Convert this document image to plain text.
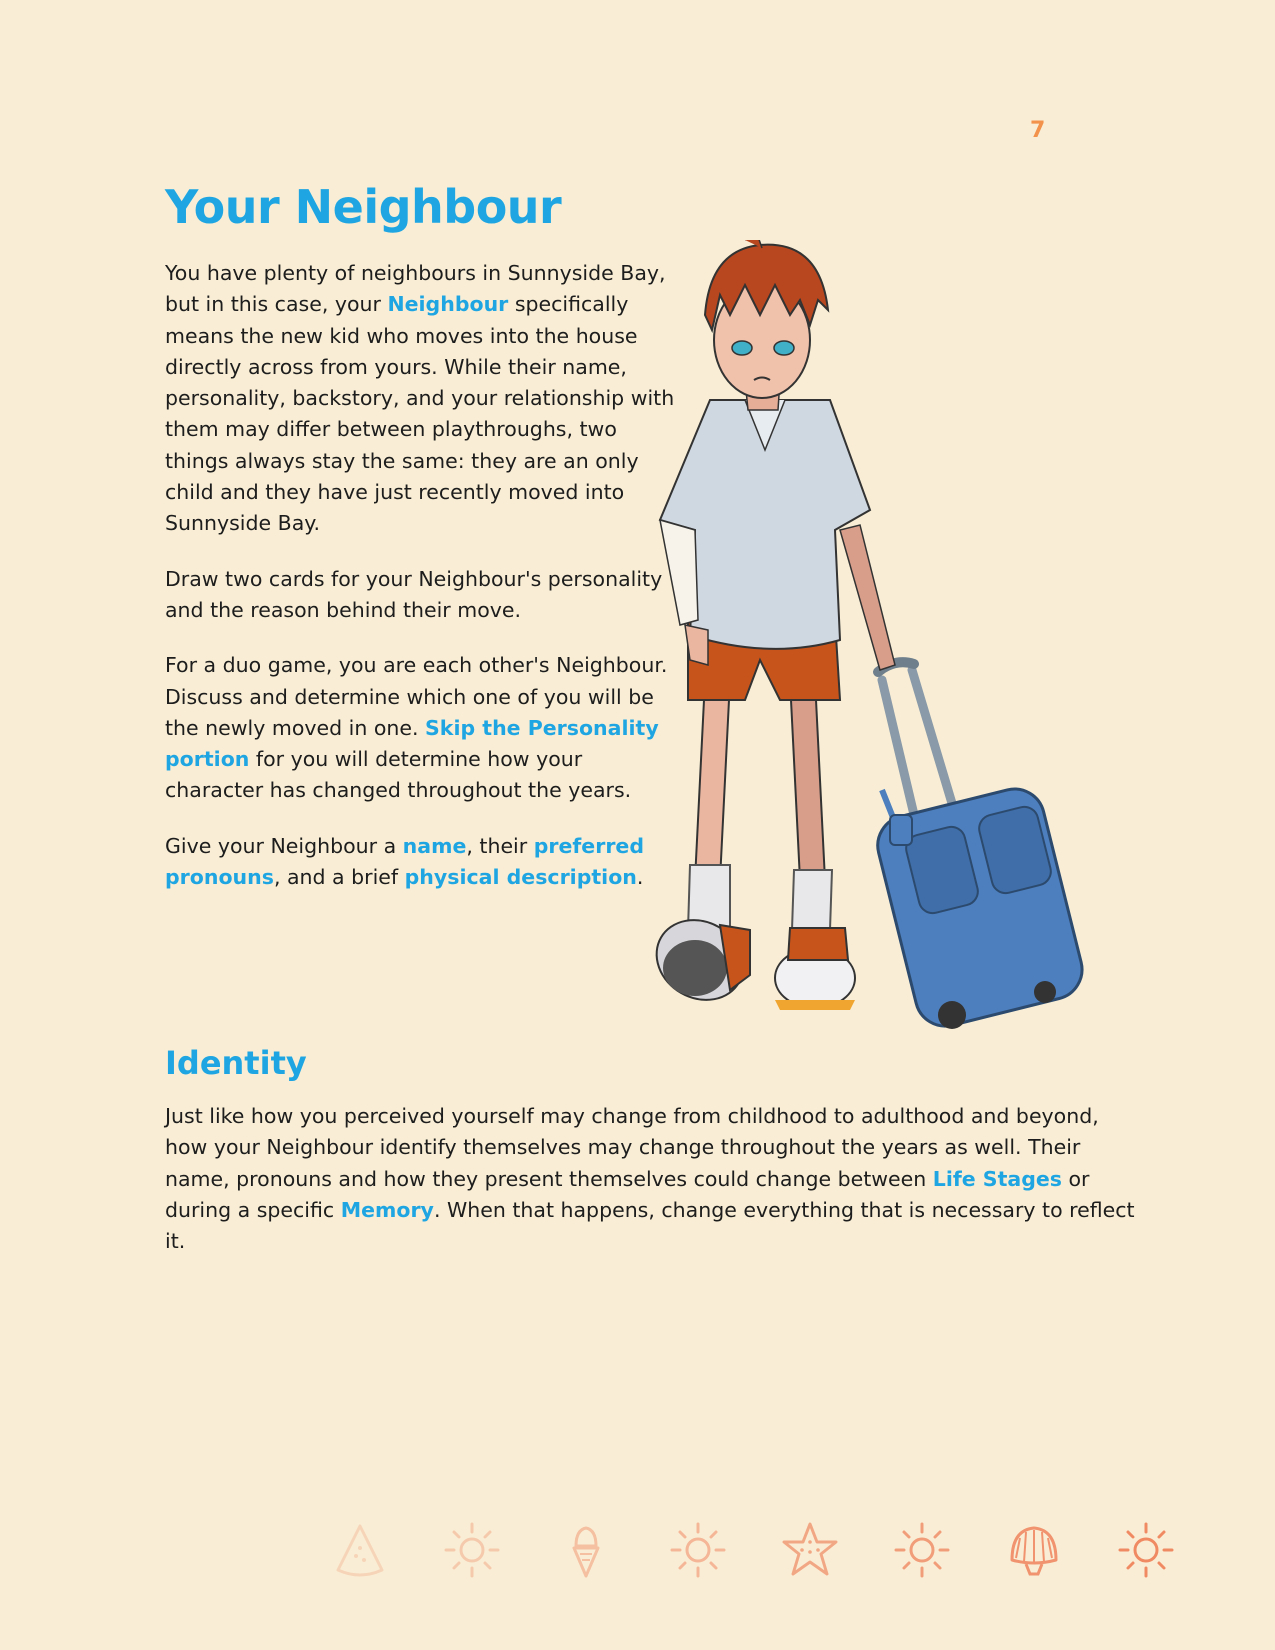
7
Your Neighbour

You have plenty of neighbours in Sunnyside Bay, but in this case, your Neighbour specifically means the new kid who moves into the house directly across from yours. While their name, personality, backstory, and your relationship with them may differ between playthroughs, two things always stay the same: they are an only child and they have just recently moved into Sunnyside Bay.

Draw two cards for your Neighbour's personality and the reason behind their move.

For a duo game, you are each other's Neighbour. Discuss and determine which one of you will be the newly moved in one. Skip the Personality portion for you will determine how your character has changed throughout the years.

Give your Neighbour a name, their preferred pronouns, and a brief physical description.

Identity

Just like how you perceived yourself may change from childhood to adulthood and beyond, how your Neighbour identify themselves may change throughout the years as well. Their name, pronouns and how they present themselves could change between Life Stages or during a specific Memory. When that happens, change everything that is necessary to reflect it.
